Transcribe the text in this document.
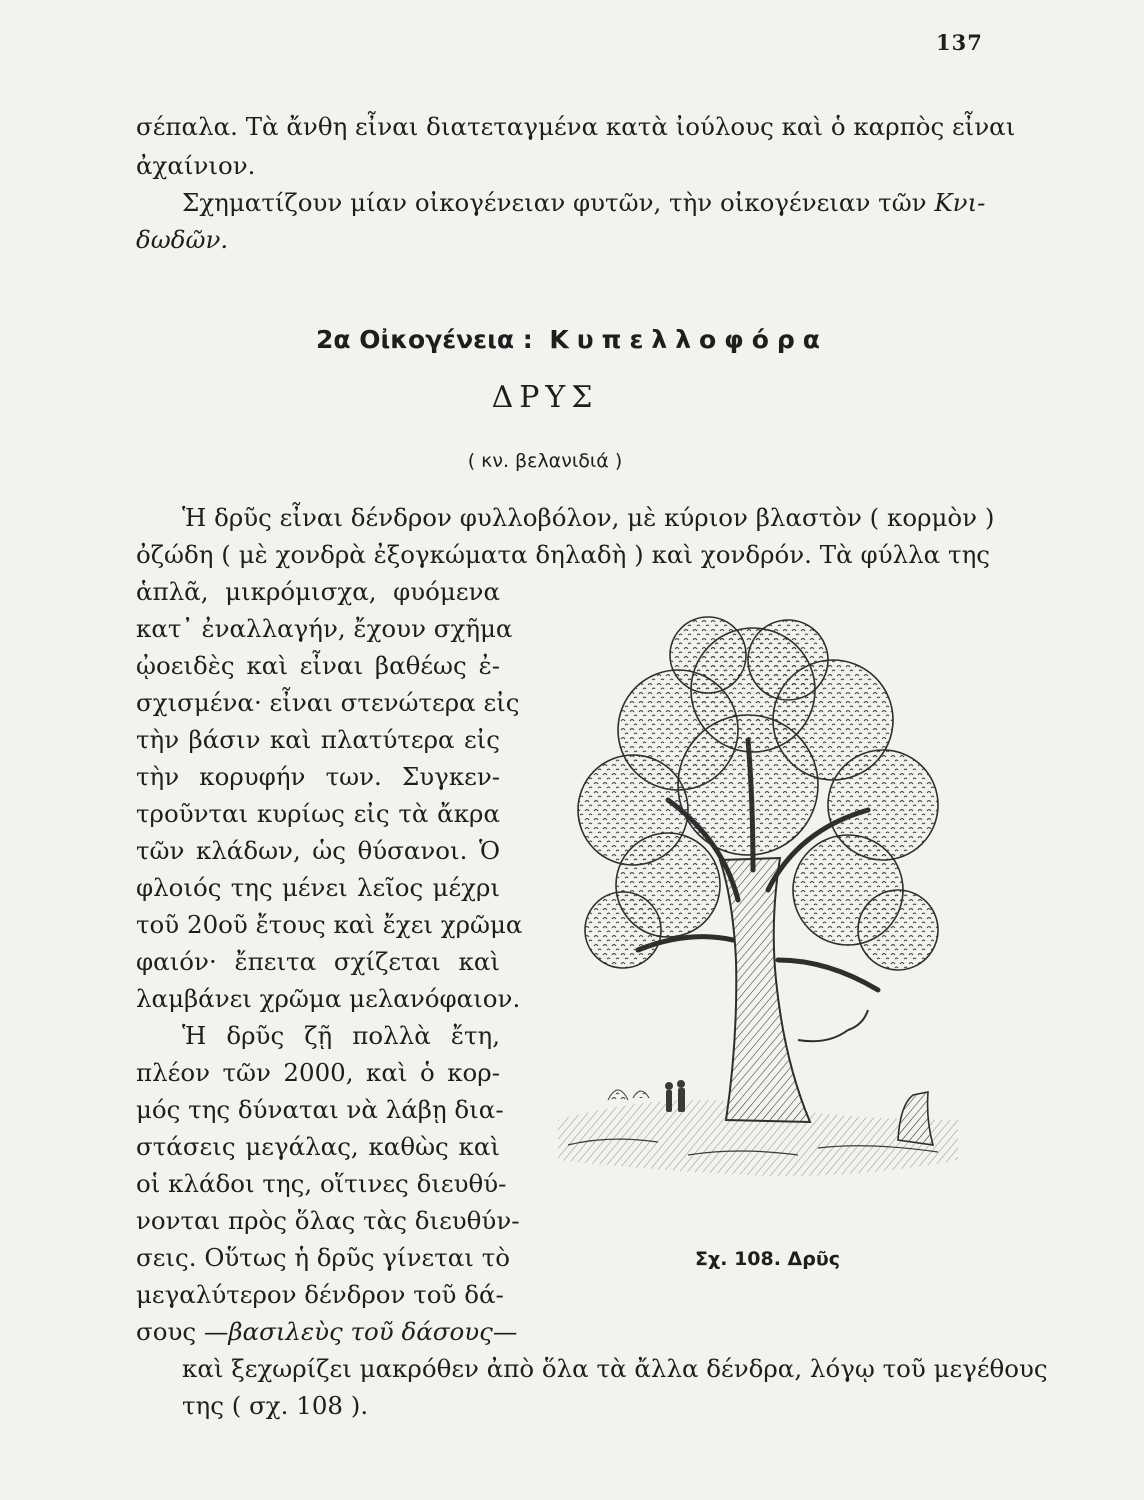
137
σέπαλα. Τὰ ἄνθη εἶναι διατεταγμένα κατὰ ἰούλους καὶ ὁ καρπὸς εἶναι
ἀχαίνιον.
Σχηματίζουν μίαν οἰκογένειαν φυτῶν, τὴν οἰκογένειαν τῶν Κνι-
δωδῶν.
2α Οἰκογένεια : Κυπελλοφόρα
ΔΡΥΣ
( κν. βελανιδιά )
Ἡ δρῦς εἶναι δένδρον φυλλοβόλον, μὲ κύριον βλαστὸν ( κορμὸν )
ὀζώδη ( μὲ χονδρὰ ἐξογκώματα δηλαδὴ ) καὶ χονδρόν. Τὰ φύλλα της
ἁπλᾶ, μικρόμισχα, φυόμενα
κατ᾽ ἐναλλαγήν, ἔχουν σχῆμα
ᾠοειδὲς καὶ εἶναι βαθέως ἐ-
σχισμένα· εἶναι στενώτερα εἰς
τὴν βάσιν καὶ πλατύτερα εἰς
τὴν κορυφήν των. Συγκεν-
τροῦνται κυρίως εἰς τὰ ἄκρα
τῶν κλάδων, ὡς θύσανοι. Ὁ
φλοιός της μένει λεῖος μέχρι
τοῦ 20οῦ ἔτους καὶ ἔχει χρῶμα
φαιόν· ἔπειτα σχίζεται καὶ
λαμβάνει χρῶμα μελανόφαιον.
Ἡ δρῦς ζῇ πολλὰ ἔτη,
πλέον τῶν 2000, καὶ ὁ κορ-
μός της δύναται νὰ λάβῃ δια-
στάσεις μεγάλας, καθὼς καὶ
οἱ κλάδοι της, οἵτινες διευθύ-
νονται πρὸς ὅλας τὰς διευθύν-
σεις. Οὕτως ἡ δρῦς γίνεται τὸ
μεγαλύτερον δένδρον τοῦ δά-
σους —βασιλεὺς τοῦ δάσους—
καὶ ξεχωρίζει μακρόθεν ἀπὸ ὅλα τὰ ἄλλα δένδρα, λόγῳ τοῦ μεγέθους
της ( σχ. 108 ).
Σχ. 108. Δρῦς
